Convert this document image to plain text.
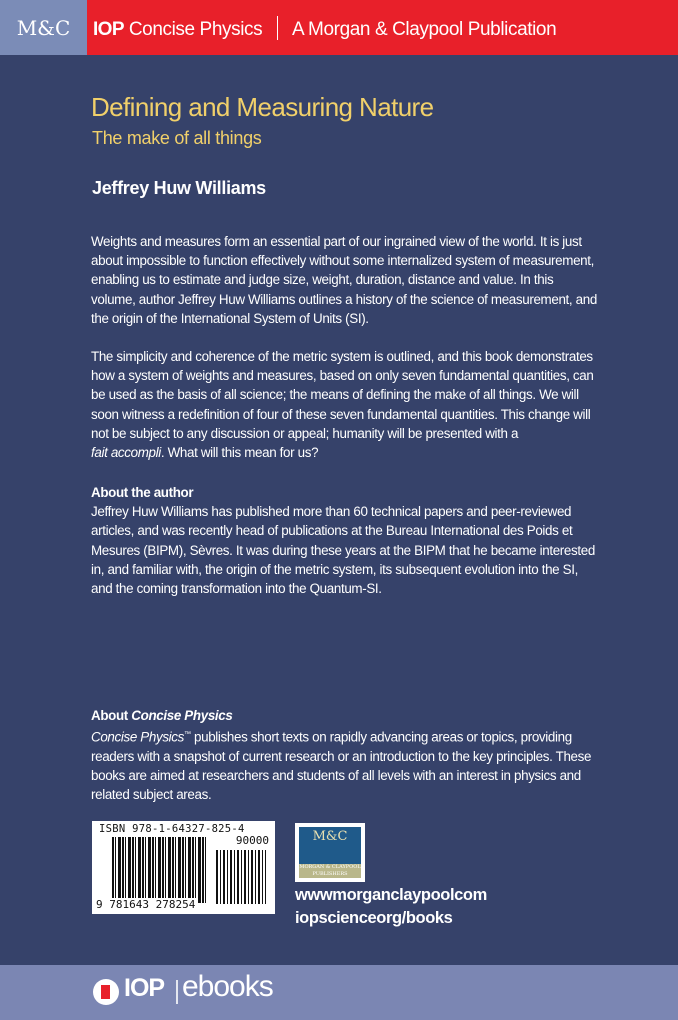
M&C	IOP Concise Physics A Morgan & Claypool Publication
Defining and Measuring Nature
The make of all things
Jeffrey Huw Williams
Weights and measures form an essential part of our ingrained view of the world. It is just
about impossible to function effectively without some internalized system of measurement,
enabling us to estimate and judge size, weight, duration, distance and value. In this
volume, author Jeffrey Huw Williams outlines a history of the science of measurement, and
the origin of the International System of Units (SI).
The simplicity and coherence of the metric system is outlined, and this book demonstrates
how a system of weights and measures, based on only seven fundamental quantities, can
be used as the basis of all science; the means of defining the make of all things. We will
soon witness a redefinition of four of these seven fundamental quantities. This change will
not be subject to any discussion or appeal; humanity will be presented with a
fait accompli. What will this mean for us?
About the author
Jeffrey Huw Williams has published more than 60 technical papers and peer-reviewed
articles, and was recently head of publications at the Bureau International des Poids et
Mesures (BIPM), Sèvres. It was during these years at the BIPM that he became interested
in, and familiar with, the origin of the metric system, its subsequent evolution into the SI,
and the coming transformation into the Quantum-SI.
About Concise Physics
Concise Physics™ publishes short texts on rapidly advancing areas or topics, providing
readers with a snapshot of current research or an introduction to the key principles. These
books are aimed at researchers and students of all levels with an interest in physics and
related subject areas.
ISBN 978-1-64327-825-4
90000
9 781643 278254
M&C
MORGAN & CLAYPOOL PUBLISHERS
wwwmorganclaypoolcom
iopscienceorg/books
IOP ebooks
